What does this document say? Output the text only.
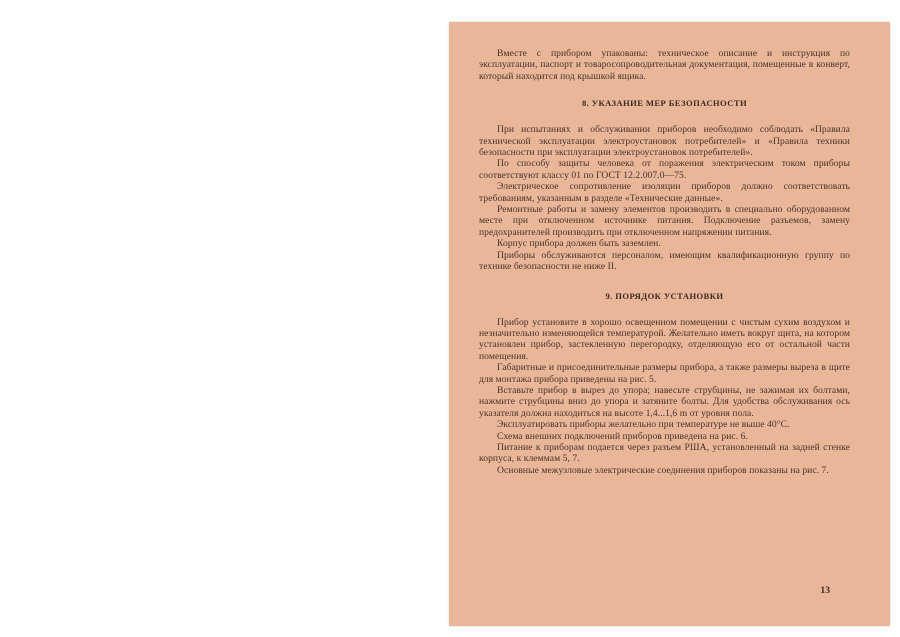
Вместе с прибором упакованы: техническое описание и инструкция по эксплуатации, паспорт и товаросопроводительная документация, помещенные в конверт, который находится под крышкой ящика.

8. УКАЗАНИЕ МЕР БЕЗОПАСНОСТИ

При испытаниях и обслуживании приборов необходимо соблюдать «Правила технической эксплуатации электроустановок потребителей» и «Правила техники безопасности при эксплуатации электроустановок потребителей».

По способу защиты человека от поражения электрическим током приборы соответствуют классу 01 по ГОСТ 12.2.007.0—75.

Электрическое сопротивление изоляции приборов должно соответствовать требованиям, указанным в разделе «Технические данные».

Ремонтные работы и замену элементов производить в специально оборудованном месте при отключенном источнике питания. Подключение разъемов, замену предохранителей производить при отключенном напряжении питания.

Корпус прибора должен быть заземлен.

Приборы обслуживаются персоналом, имеющим квалификационную группу по технике безопасности не ниже II.

9. ПОРЯДОК УСТАНОВКИ

Прибор установите в хорошо освещенном помещении с чистым сухим воздухом и незначительно изменяющейся температурой. Желательно иметь вокруг щита, на котором установлен прибор, застекленную перегородку, отделяющую его от остальной части помещения.

Габаритные и присоединительные размеры прибора, а также размеры выреза в щите для монтажа прибора приведены на рис. 5.

Вставьте прибор в вырез до упора; навесьте струбцины, не зажимая их болтами, нажмите струбцины вниз до упора и затяните болты. Для удобства обслуживания ось указателя должна находиться на высоте 1,4...1,6 m от уровня пола.

Эксплуатировать приборы желательно при температуре не выше 40°С.

Схема внешних подключений приборов приведена на рис. 6.

Питание к приборам подается через разъем РША, установленный на задней стенке корпуса, к клеммам 5, 7.

Основные межузловые электрические соединения приборов показаны на рис. 7.

13
